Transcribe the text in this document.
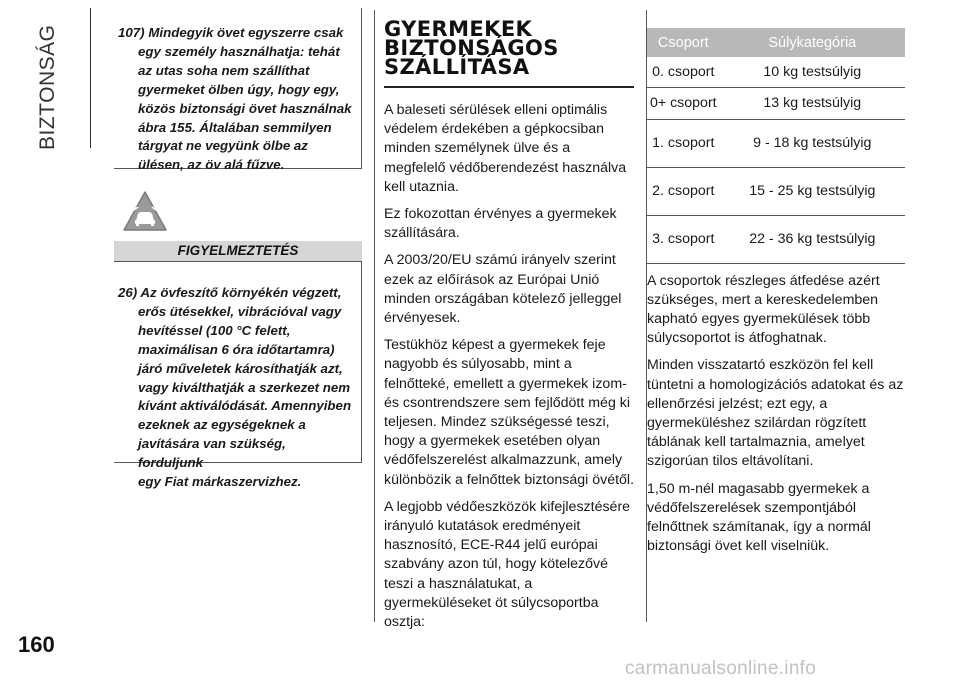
BIZTONSÁG
160
carmanualsonline.info
107) Mindegyik övet egyszerre csak
egy személy használhatja: tehát
az utas soha nem szállíthat
gyermeket ölben úgy, hogy egy,
közös biztonsági övet használnak
ábra 155. Általában semmilyen
tárgyat ne vegyünk ölbe az
ülésen, az öv alá fűzve.
FIGYELMEZTETÉS
26) Az övfeszítő környékén végzett,
erős ütésekkel, vibrációval vagy
hevítéssel (100 °C felett,
maximálisan 6 óra időtartamra)
járó műveletek károsíthatják azt,
vagy kiválthatják a szerkezet nem
kívánt aktiválódását. Amennyiben
ezeknek az egységeknek a
javítására van szükség, forduljunk
egy Fiat márkaszervizhez.
GYERMEKEK
BIZTONSÁGOS
SZÁLLÍTÁSA

A baleseti sérülések elleni optimális védelem érdekében a gépkocsiban minden személynek ülve és a megfelelő védőberendezést használva kell utaznia.

Ez fokozottan érvényes a gyermekek szállítására.

A 2003/20/EU számú irányelv szerint ezek az előírások az Európai Unió minden országában kötelező jelleggel érvényesek.

Testükhöz képest a gyermekek feje nagyobb és súlyosabb, mint a felnőtteké, emellett a gyermekek izom- és csontrendszere sem fejlődött még ki teljesen. Mindez szükségessé teszi, hogy a gyermekek esetében olyan védőfelszerelést alkalmazzunk, amely különbözik a felnőttek biztonsági övétől.

A legjobb védőeszközök kifejlesztésére irányuló kutatások eredményeit hasznosító, ECE-R44 jelű európai szabvány azon túl, hogy kötelezővé teszi a használatukat, a gyermeküléseket öt súlycsoportba osztja:

Csoport	Súlykategória
0. csoport	10 kg testsúlyig
0+ csoport	13 kg testsúlyig
1. csoport	9 - 18 kg testsúlyig
2. csoport	15 - 25 kg testsúlyig
3. csoport	22 - 36 kg testsúlyig

A csoportok részleges átfedése azért szükséges, mert a kereskedelemben kapható egyes gyermekülések több súlycsoportot is átfoghatnak.

Minden visszatartó eszközön fel kell tüntetni a homologizációs adatokat és az ellenőrzési jelzést; ezt egy, a gyermeküléshez szilárdan rögzített táblának kell tartalmaznia, amelyet szigorúan tilos eltávolítani.

1,50 m-nél magasabb gyermekek a védőfelszerelések szempontjából felnőttnek számítanak, így a normál biztonsági övet kell viselniük.
